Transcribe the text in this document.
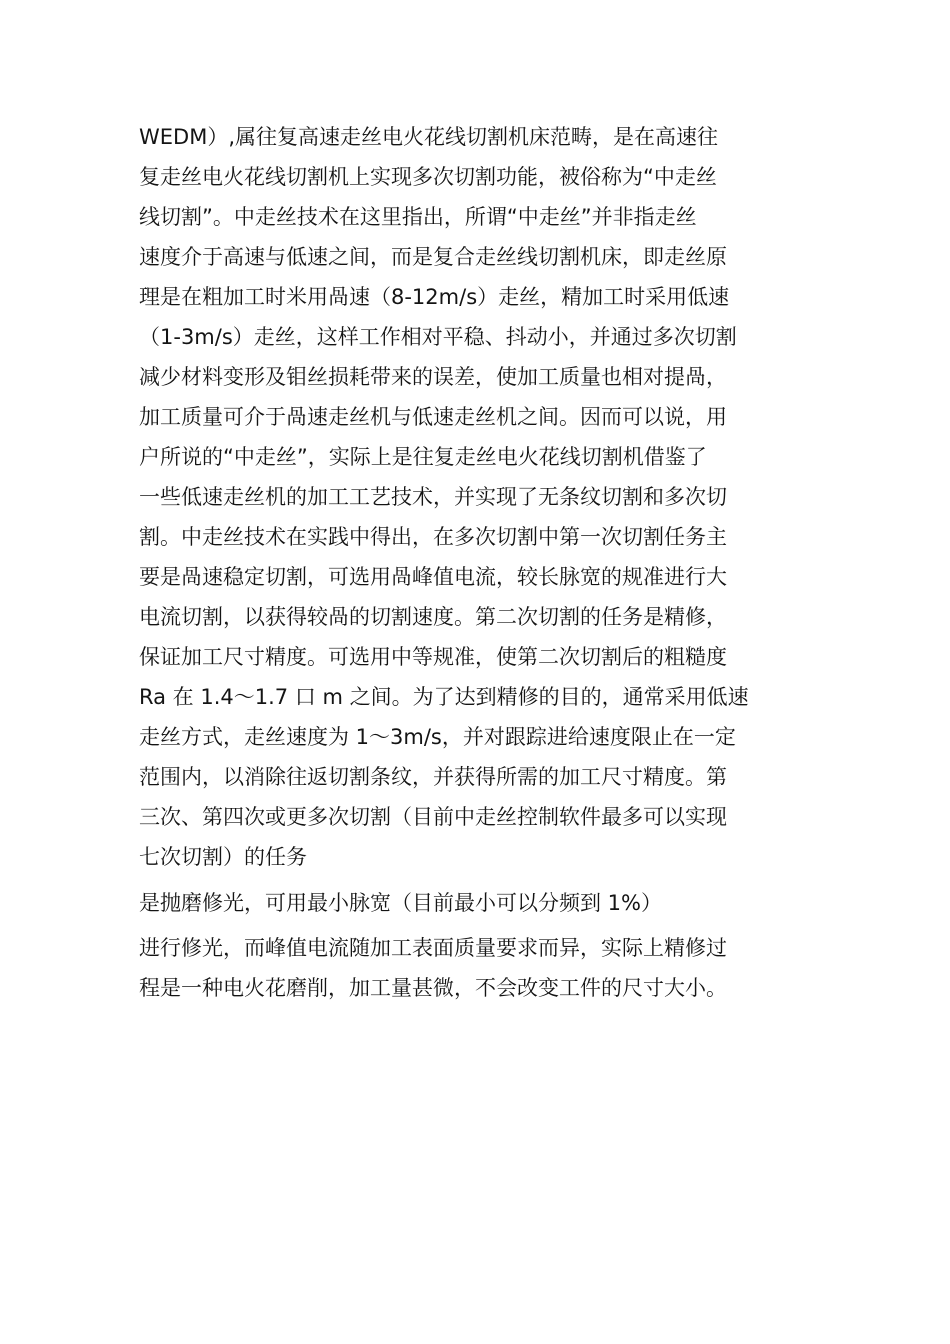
WEDM）,属往复高速走丝电火花线切割机床范畴，是在高速往
复走丝电火花线切割机上实现多次切割功能，被俗称为“中走丝
线切割”。中走丝技术在这里指出，所谓“中走丝”并非指走丝
速度介于高速与低速之间，而是复合走丝线切割机床，即走丝原
理是在粗加工时米用咼速（8-12m/s）走丝，精加工时采用低速
（1-3m/s）走丝，这样工作相对平稳、抖动小，并通过多次切割
减少材料变形及钼丝损耗带来的误差，使加工质量也相对提咼，
加工质量可介于咼速走丝机与低速走丝机之间。因而可以说，用
户所说的“中走丝”，实际上是往复走丝电火花线切割机借鉴了
一些低速走丝机的加工工艺技术，并实现了无条纹切割和多次切
割。中走丝技术在实践中得出，在多次切割中第一次切割任务主
要是咼速稳定切割，可选用咼峰值电流，较长脉宽的规准进行大
电流切割，以获得较咼的切割速度。第二次切割的任务是精修，
保证加工尺寸精度。可选用中等规准，使第二次切割后的粗糙度
Ra 在 1.4〜1.7 口 m 之间。为了达到精修的目的，通常采用低速
走丝方式，走丝速度为 1〜3m/s，并对跟踪进给速度限止在一定
范围内，以消除往返切割条纹，并获得所需的加工尺寸精度。第
三次、第四次或更多次切割（目前中走丝控制软件最多可以实现
七次切割）的任务
是抛磨修光，可用最小脉宽（目前最小可以分频到 1%）
进行修光，而峰值电流随加工表面质量要求而异，实际上精修过
程是一种电火花磨削，加工量甚微，不会改变工件的尺寸大小。
